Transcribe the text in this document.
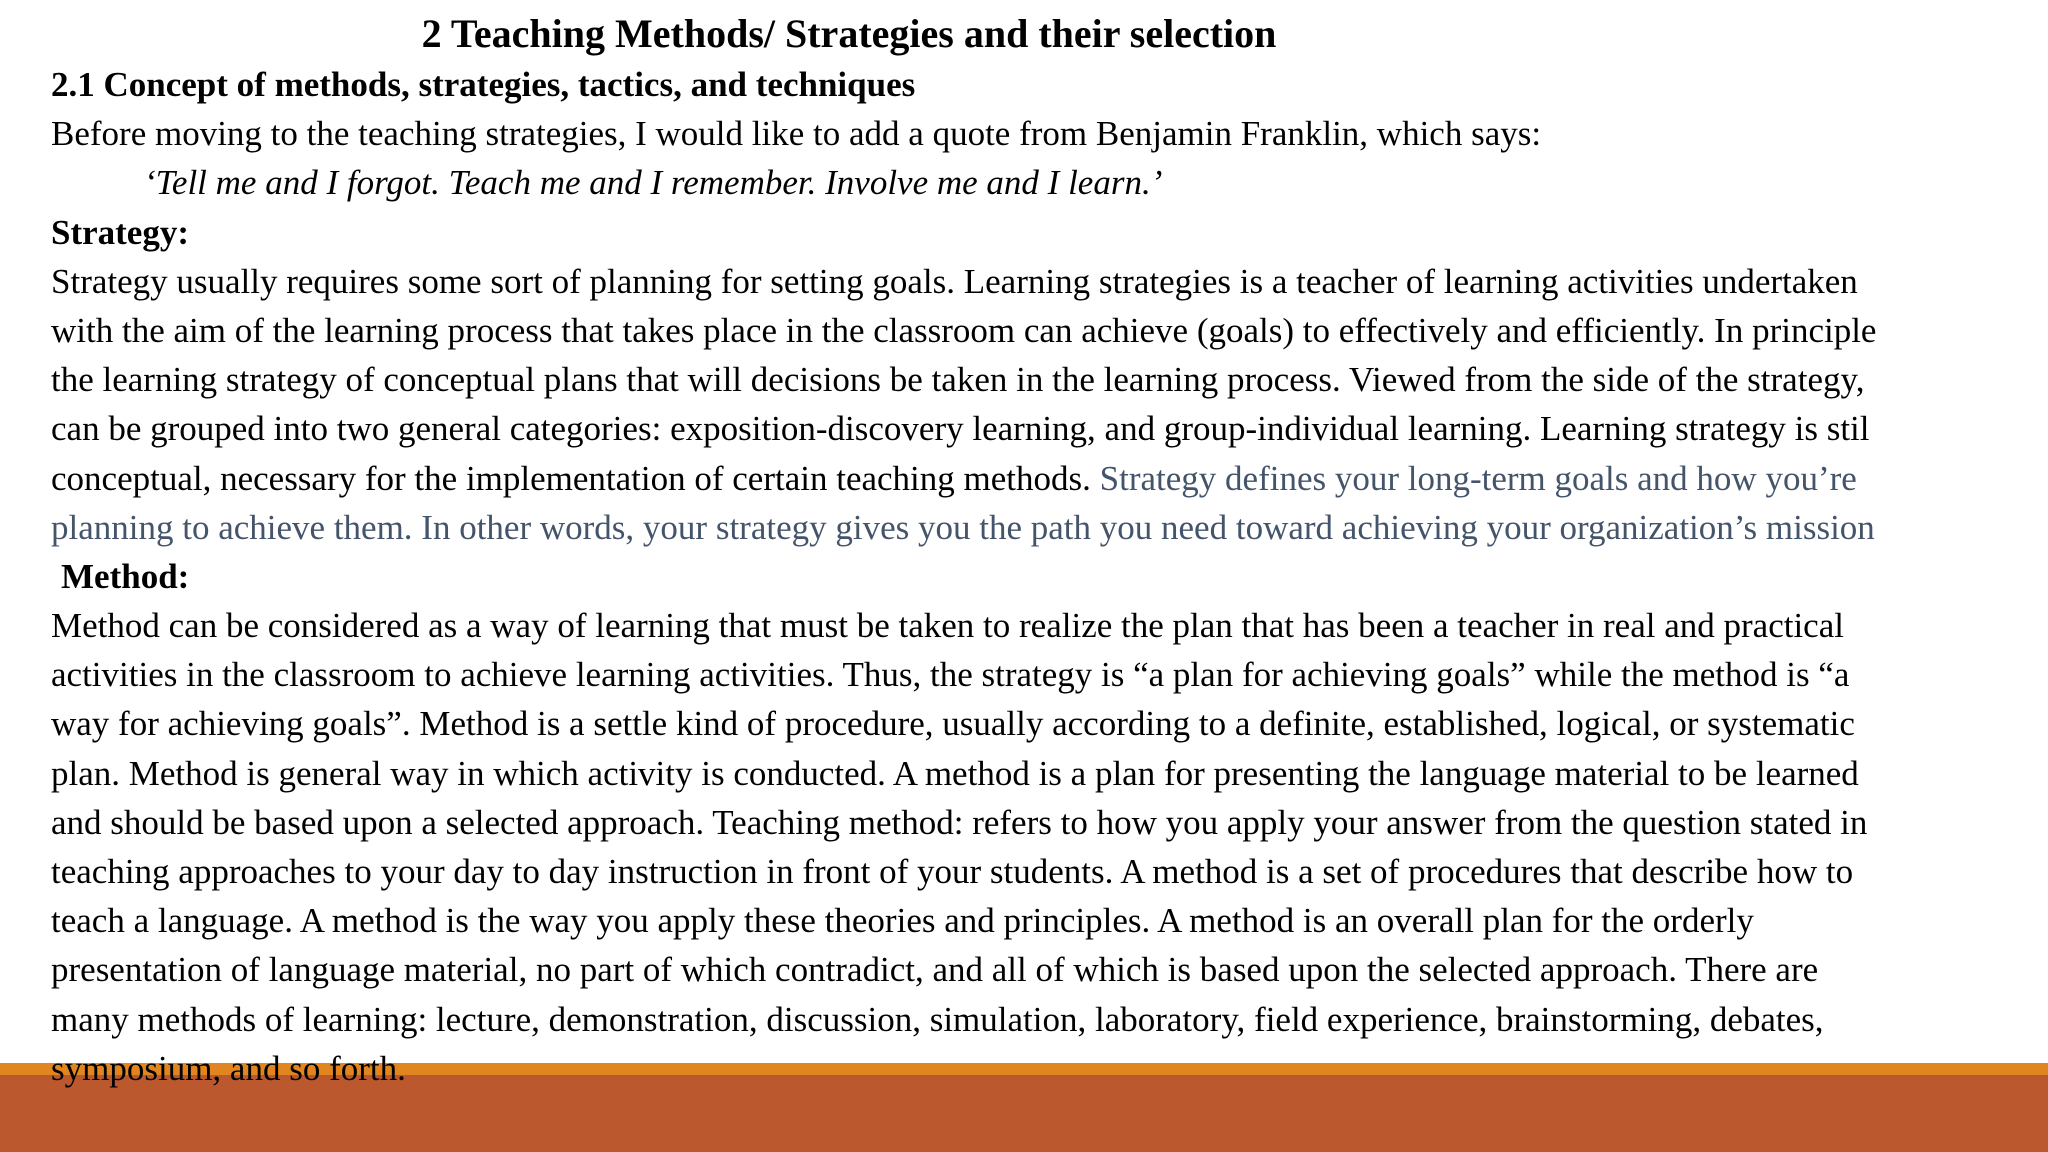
2 Teaching Methods/ Strategies and their selection
2.1 Concept of methods, strategies, tactics, and techniques
Before moving to the teaching strategies, I would like to add a quote from Benjamin Franklin, which says:
‘Tell me and I forgot. Teach me and I remember. Involve me and I learn.’
Strategy:
Strategy usually requires some sort of planning for setting goals. Learning strategies is a teacher of learning activities undertaken
with the aim of the learning process that takes place in the classroom can achieve (goals) to effectively and efficiently. In principle
the learning strategy of conceptual plans that will decisions be taken in the learning process. Viewed from the side of the strategy,
can be grouped into two general categories: exposition-discovery learning, and group-individual learning. Learning strategy is stil
conceptual, necessary for the implementation of certain teaching methods. Strategy defines your long-term goals and how you’re
planning to achieve them. In other words, your strategy gives you the path you need toward achieving your organization’s mission
Method:
Method can be considered as a way of learning that must be taken to realize the plan that has been a teacher in real and practical
activities in the classroom to achieve learning activities. Thus, the strategy is “a plan for achieving goals” while the method is “a
way for achieving goals”. Method is a settle kind of procedure, usually according to a definite, established, logical, or systematic
plan. Method is general way in which activity is conducted. A method is a plan for presenting the language material to be learned
and should be based upon a selected approach. Teaching method: refers to how you apply your answer from the question stated in
teaching approaches to your day to day instruction in front of your students. A method is a set of procedures that describe how to
teach a language. A method is the way you apply these theories and principles. A method is an overall plan for the orderly
presentation of language material, no part of which contradict, and all of which is based upon the selected approach. There are
many methods of learning: lecture, demonstration, discussion, simulation, laboratory, field experience, brainstorming, debates,
symposium, and so forth.
